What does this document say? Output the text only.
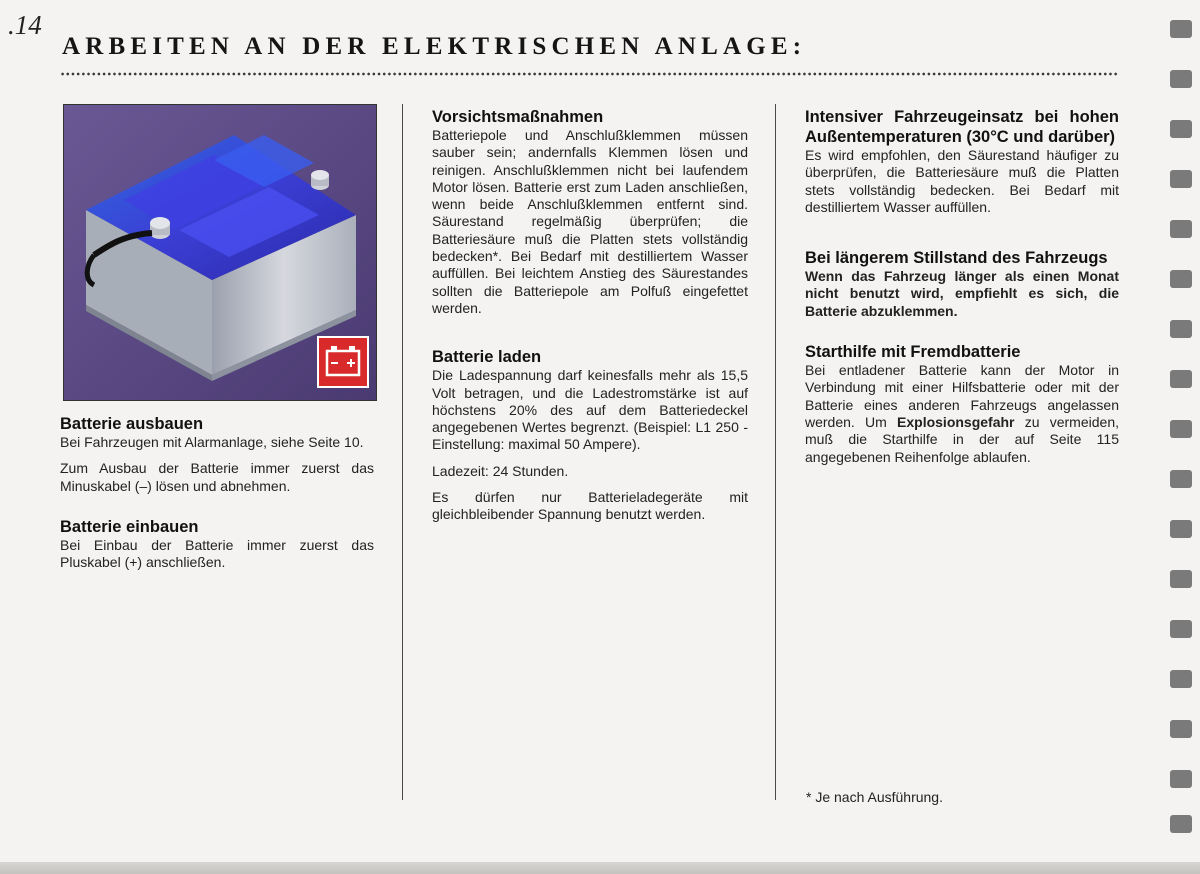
.14
ARBEITEN AN DER ELEKTRISCHEN ANLAGE:
Batterie ausbauen

Bei Fahrzeugen mit Alarmanlage, siehe Seite 10.

Zum Ausbau der Batterie immer zuerst das Minuskabel (–) lösen und abnehmen.

Batterie einbauen

Bei Einbau der Batterie immer zuerst das Pluskabel (+) anschließen.

Vorsichtsmaßnahmen

Batteriepole und Anschlußklemmen müssen sauber sein; andernfalls Klemmen lösen und reinigen. Anschlußklemmen nicht bei laufendem Motor lösen. Batterie erst zum Laden anschließen, wenn beide Anschlußklemmen entfernt sind. Säurestand regelmäßig überprüfen; die Batteriesäure muß die Platten stets vollständig bedecken*. Bei Bedarf mit destilliertem Wasser auffüllen. Bei leichtem Anstieg des Säurestandes sollten die Batteriepole am Polfuß eingefettet werden.

Batterie laden

Die Ladespannung darf keinesfalls mehr als 15,5 Volt betragen, und die Ladestromstärke ist auf höchstens 20% des auf dem Batteriedeckel angegebenen Wertes begrenzt. (Beispiel: L1 250 - Einstellung: maximal 50 Ampere).

Ladezeit: 24 Stunden.

Es dürfen nur Batterieladegeräte mit gleichbleibender Spannung benutzt werden.

Intensiver Fahrzeugeinsatz bei hohen Außentemperaturen (30°C und darüber)

Es wird empfohlen, den Säurestand häufiger zu überprüfen, die Batteriesäure muß die Platten stets vollständig bedecken. Bei Bedarf mit destilliertem Wasser auffüllen.

Bei längerem Stillstand des Fahrzeugs

Wenn das Fahrzeug länger als einen Monat nicht benutzt wird, empfiehlt es sich, die Batterie abzuklemmen.

Starthilfe mit Fremdbatterie

Bei entladener Batterie kann der Motor in Verbindung mit einer Hilfsbatterie oder mit der Batterie eines anderen Fahrzeugs angelassen werden. Um Explosionsgefahr zu vermeiden, muß die Starthilfe in der auf Seite 115 angegebenen Reihenfolge ablaufen.

* Je nach Ausführung.
